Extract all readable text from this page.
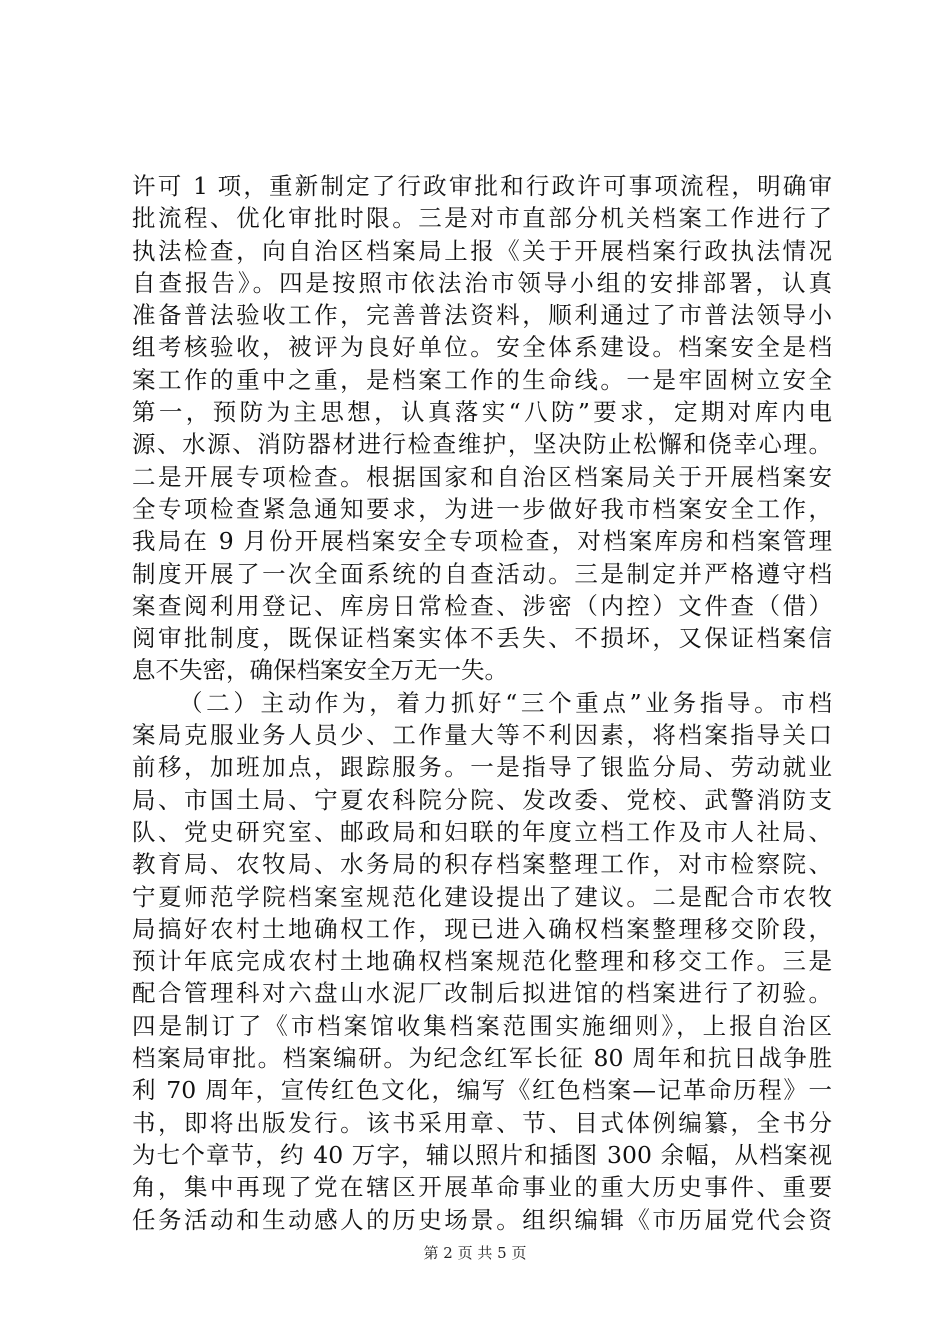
许可 1 项，重新制定了行政审批和行政许可事项流程，明确审
批流程、优化审批时限。三是对市直部分机关档案工作进行了
执法检查，向自治区档案局上报《关于开展档案行政执法情况
自查报告》。四是按照市依法治市领导小组的安排部署，认真
准备普法验收工作，完善普法资料，顺利通过了市普法领导小
组考核验收，被评为良好单位。安全体系建设。档案安全是档
案工作的重中之重，是档案工作的生命线。一是牢固树立安全
第一，预防为主思想，认真落实“八防”要求，定期对库内电
源、水源、消防器材进行检查维护，坚决防止松懈和侥幸心理。
二是开展专项检查。根据国家和自治区档案局关于开展档案安
全专项检查紧急通知要求，为进一步做好我市档案安全工作，
我局在 9 月份开展档案安全专项检查，对档案库房和档案管理
制度开展了一次全面系统的自查活动。三是制定并严格遵守档
案查阅利用登记、库房日常检查、涉密（内控）文件查（借）
阅审批制度，既保证档案实体不丢失、不损坏，又保证档案信
息不失密，确保档案安全万无一失。
（二）主动作为，着力抓好“三个重点”业务指导。市档
案局克服业务人员少、工作量大等不利因素，将档案指导关口
前移，加班加点，跟踪服务。一是指导了银监分局、劳动就业
局、市国土局、宁夏农科院分院、发改委、党校、武警消防支
队、党史研究室、邮政局和妇联的年度立档工作及市人社局、
教育局、农牧局、水务局的积存档案整理工作，对市检察院、
宁夏师范学院档案室规范化建设提出了建议。二是配合市农牧
局搞好农村土地确权工作，现已进入确权档案整理移交阶段，
预计年底完成农村土地确权档案规范化整理和移交工作。三是
配合管理科对六盘山水泥厂改制后拟进馆的档案进行了初验。
四是制订了《市档案馆收集档案范围实施细则》，上报自治区
档案局审批。档案编研。为纪念红军长征 80 周年和抗日战争胜
利 70 周年，宣传红色文化，编写《红色档案—记革命历程》一
书，即将出版发行。该书采用章、节、目式体例编纂，全书分
为七个章节，约 40 万字，辅以照片和插图 300 余幅，从档案视
角，集中再现了党在辖区开展革命事业的重大历史事件、重要
任务活动和生动感人的历史场景。组织编辑《市历届党代会资
第 2 页 共 5 页
